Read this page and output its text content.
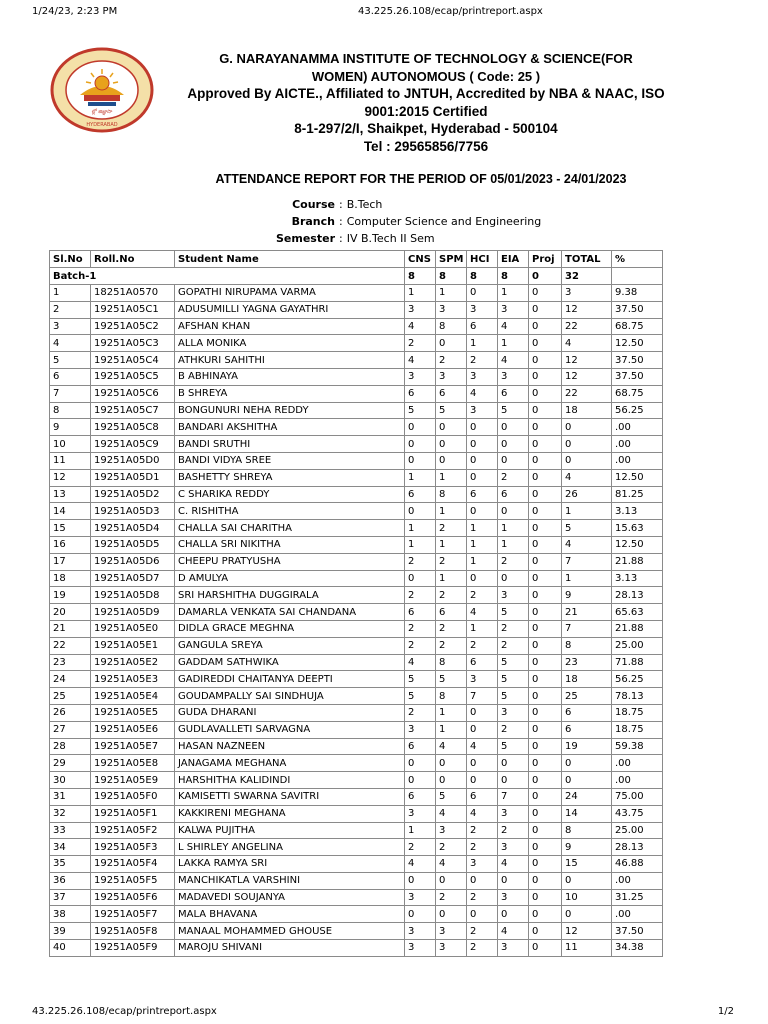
1/24/23, 2:23 PM	43.225.26.108/ecap/printreport.aspx
ల్లో జిజ్ఞాసా
HYDERABAD
G. NARAYANAMMA INSTITUTE OF TECHNOLOGY & SCIENCE(FOR
WOMEN) AUTONOMOUS ( Code: 25 )
Approved By AICTE., Affiliated to JNTUH, Accredited by NBA & NAAC, ISO
9001:2015 Certified
8-1-297/2/I, Shaikpet, Hyderabad - 500104
Tel : 29565856/7756
ATTENDANCE REPORT FOR THE PERIOD OF 05/01/2023 - 24/01/2023
Course : B.Tech
Branch : Computer Science and Engineering
Semester : IV B.Tech II Sem
Sl.No	Roll.No	Student Name	CNS	SPM	HCI	EIA	Proj	TOTAL	%
Batch-1			8	8	8	8	0	32	
1	18251A0570	GOPATHI NIRUPAMA VARMA	1	1	0	1	0	3	9.38
2	19251A05C1	ADUSUMILLI YAGNA GAYATHRI	3	3	3	3	0	12	37.50
3	19251A05C2	AFSHAN KHAN	4	8	6	4	0	22	68.75
4	19251A05C3	ALLA MONIKA	2	0	1	1	0	4	12.50
5	19251A05C4	ATHKURI SAHITHI	4	2	2	4	0	12	37.50
6	19251A05C5	B ABHINAYA	3	3	3	3	0	12	37.50
7	19251A05C6	B SHREYA	6	6	4	6	0	22	68.75
8	19251A05C7	BONGUNURI NEHA REDDY	5	5	3	5	0	18	56.25
9	19251A05C8	BANDARI AKSHITHA	0	0	0	0	0	0	.00
10	19251A05C9	BANDI SRUTHI	0	0	0	0	0	0	.00
11	19251A05D0	BANDI VIDYA SREE	0	0	0	0	0	0	.00
12	19251A05D1	BASHETTY SHREYA	1	1	0	2	0	4	12.50
13	19251A05D2	C SHARIKA REDDY	6	8	6	6	0	26	81.25
14	19251A05D3	C. RISHITHA	0	1	0	0	0	1	3.13
15	19251A05D4	CHALLA SAI CHARITHA	1	2	1	1	0	5	15.63
16	19251A05D5	CHALLA SRI NIKITHA	1	1	1	1	0	4	12.50
17	19251A05D6	CHEEPU PRATYUSHA	2	2	1	2	0	7	21.88
18	19251A05D7	D AMULYA	0	1	0	0	0	1	3.13
19	19251A05D8	SRI HARSHITHA DUGGIRALA	2	2	2	3	0	9	28.13
20	19251A05D9	DAMARLA VENKATA SAI CHANDANA	6	6	4	5	0	21	65.63
21	19251A05E0	DIDLA GRACE MEGHNA	2	2	1	2	0	7	21.88
22	19251A05E1	GANGULA SREYA	2	2	2	2	0	8	25.00
23	19251A05E2	GADDAM SATHWIKA	4	8	6	5	0	23	71.88
24	19251A05E3	GADIREDDI CHAITANYA DEEPTI	5	5	3	5	0	18	56.25
25	19251A05E4	GOUDAMPALLY SAI SINDHUJA	5	8	7	5	0	25	78.13
26	19251A05E5	GUDA DHARANI	2	1	0	3	0	6	18.75
27	19251A05E6	GUDLAVALLETI SARVAGNA	3	1	0	2	0	6	18.75
28	19251A05E7	HASAN NAZNEEN	6	4	4	5	0	19	59.38
29	19251A05E8	JANAGAMA MEGHANA	0	0	0	0	0	0	.00
30	19251A05E9	HARSHITHA KALIDINDI	0	0	0	0	0	0	.00
31	19251A05F0	KAMISETTI SWARNA SAVITRI	6	5	6	7	0	24	75.00
32	19251A05F1	KAKKIRENI MEGHANA	3	4	4	3	0	14	43.75
33	19251A05F2	KALWA PUJITHA	1	3	2	2	0	8	25.00
34	19251A05F3	L SHIRLEY ANGELINA	2	2	2	3	0	9	28.13
35	19251A05F4	LAKKA RAMYA SRI	4	4	3	4	0	15	46.88
36	19251A05F5	MANCHIKATLA VARSHINI	0	0	0	0	0	0	.00
37	19251A05F6	MADAVEDI SOUJANYA	3	2	2	3	0	10	31.25
38	19251A05F7	MALA BHAVANA	0	0	0	0	0	0	.00
39	19251A05F8	MANAAL MOHAMMED GHOUSE	3	3	2	4	0	12	37.50
40	19251A05F9	MAROJU SHIVANI	3	3	2	3	0	11	34.38
43.225.26.108/ecap/printreport.aspx	1/2
